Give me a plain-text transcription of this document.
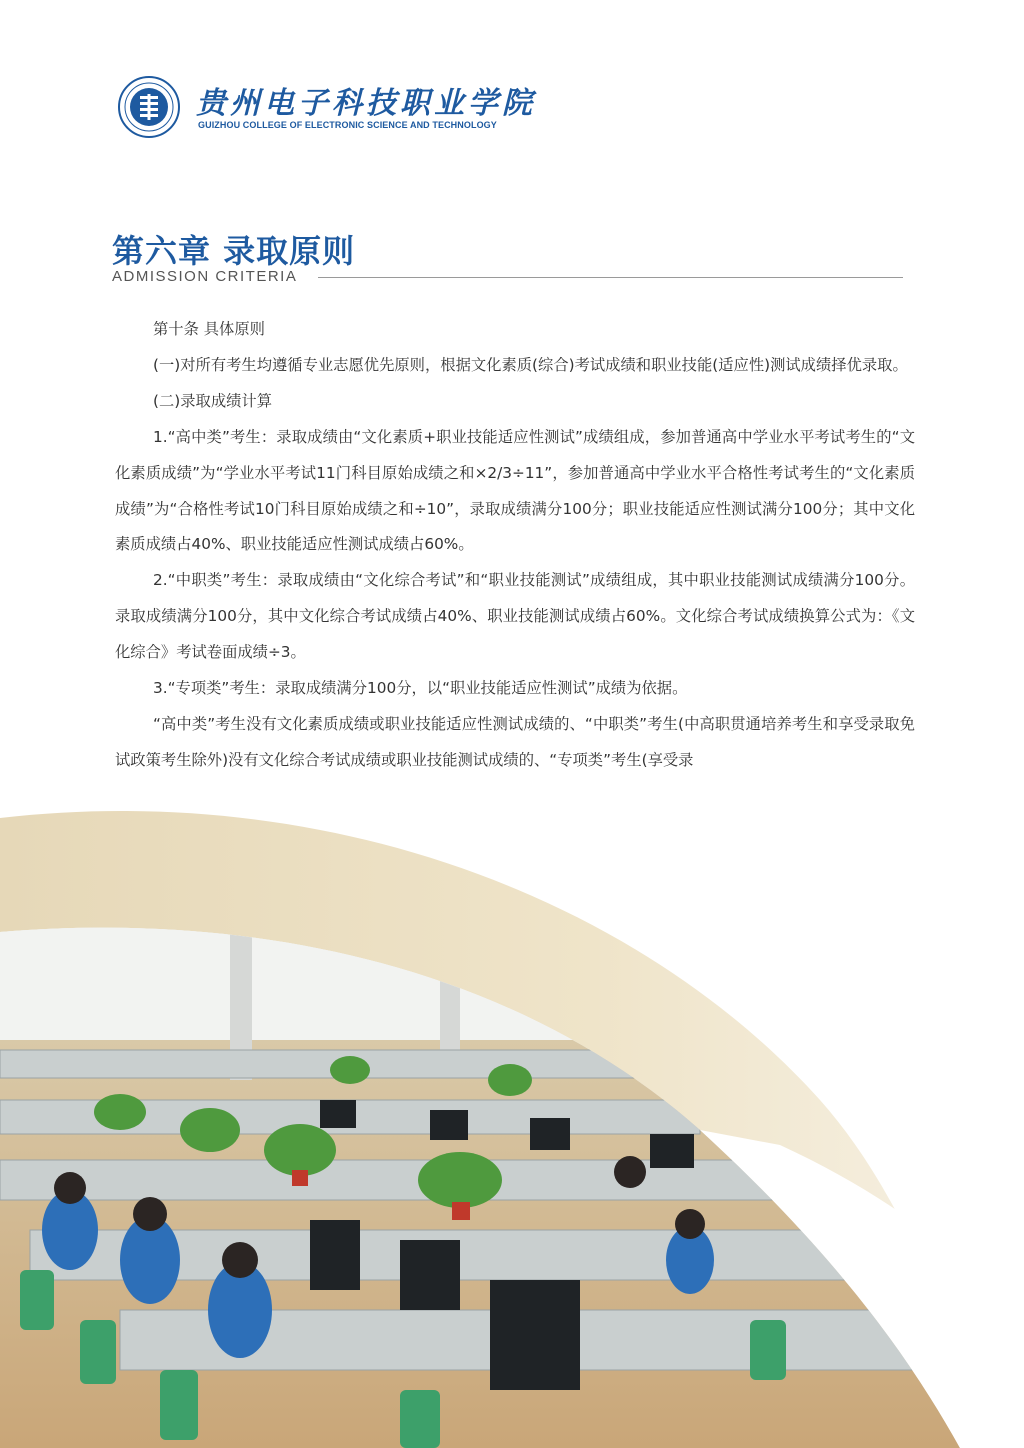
贵州电子科技职业学院
GUIZHOU COLLEGE OF ELECTRONIC SCIENCE AND TECHNOLOGY
第六章 录取原则
ADMISSION CRITERIA

第十条 具体原则

(一)对所有考生均遵循专业志愿优先原则，根据文化素质(综合)考试成绩和职业技能(适应性)测试成绩择优录取。

(二)录取成绩计算

1.“高中类”考生：录取成绩由“文化素质+职业技能适应性测试”成绩组成，参加普通高中学业水平考试考生的“文化素质成绩”为“学业水平考试11门科目原始成绩之和×2/3÷11”，参加普通高中学业水平合格性考试考生的“文化素质成绩”为“合格性考试10门科目原始成绩之和÷10”，录取成绩满分100分；职业技能适应性测试满分100分；其中文化素质成绩占40%、职业技能适应性测试成绩占60%。

2.“中职类”考生：录取成绩由“文化综合考试”和“职业技能测试”成绩组成，其中职业技能测试成绩满分100分。录取成绩满分100分，其中文化综合考试成绩占40%、职业技能测试成绩占60%。文化综合考试成绩换算公式为：《文化综合》考试卷面成绩÷3。

3.“专项类”考生：录取成绩满分100分，以“职业技能适应性测试”成绩为依据。

“高中类”考生没有文化素质成绩或职业技能适应性测试成绩的、“中职类”考生(中高职贯通培养考生和享受录取免试政策考生除外)没有文化综合考试成绩或职业技能测试成绩的、“专项类”考生(享受录
